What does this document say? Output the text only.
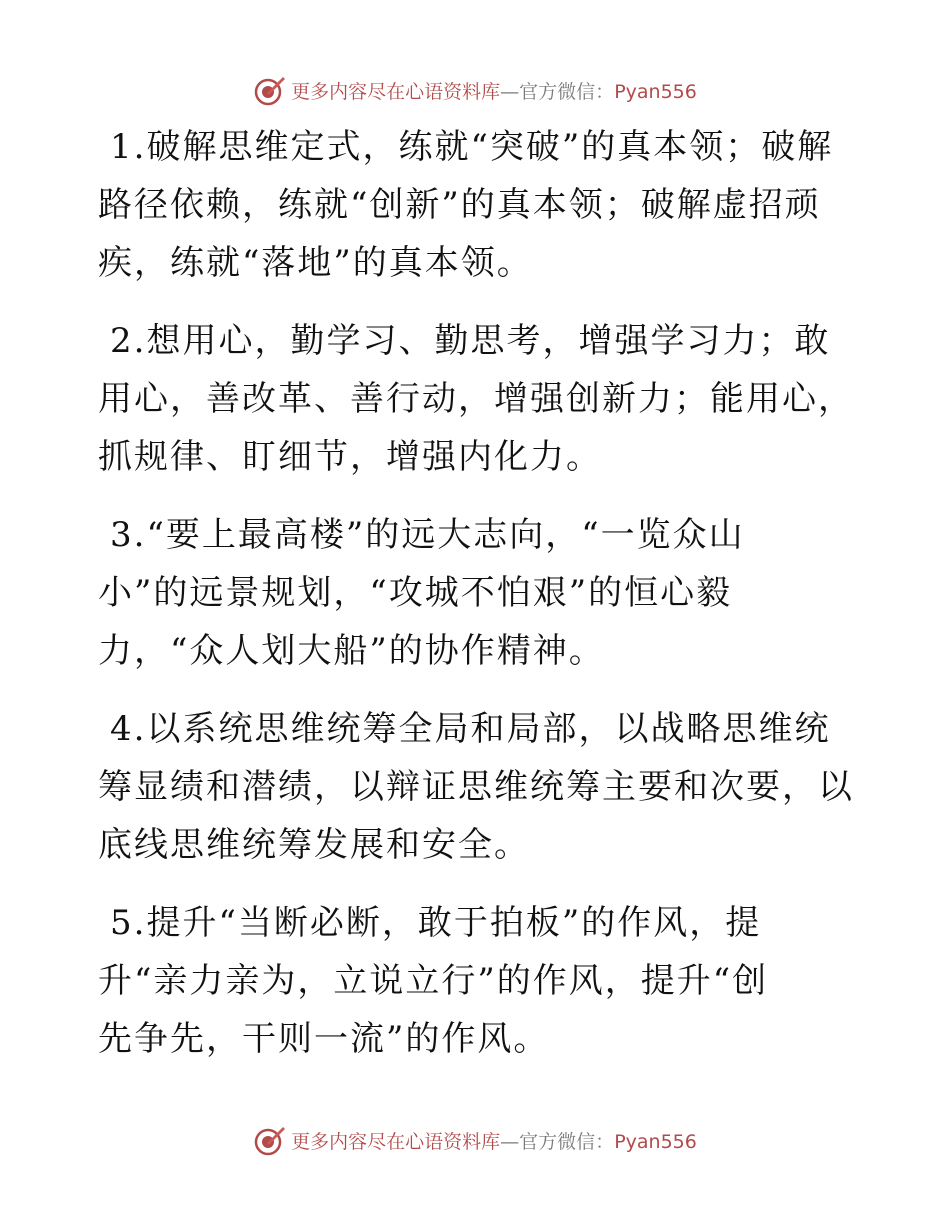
更多内容尽在心语资料库—官方微信：Pyan556

1.破解思维定式，练就“突破”的真本领；破解路径依赖，练就“创新”的真本领；破解虚招顽疾，练就“落地”的真本领。

2.想用心，勤学习、勤思考，增强学习力；敢用心，善改革、善行动，增强创新力；能用心，抓规律、盯细节，增强内化力。

3.“要上最高楼”的远大志向，“一览众山小”的远景规划，“攻城不怕艰”的恒心毅力，“众人划大船”的协作精神。

4.以系统思维统筹全局和局部，以战略思维统筹显绩和潜绩，以辩证思维统筹主要和次要，以底线思维统筹发展和安全。

5.提升“当断必断，敢于拍板”的作风，提升“亲力亲为，立说立行”的作风，提升“创先争先，干则一流”的作风。

更多内容尽在心语资料库—官方微信：Pyan556
